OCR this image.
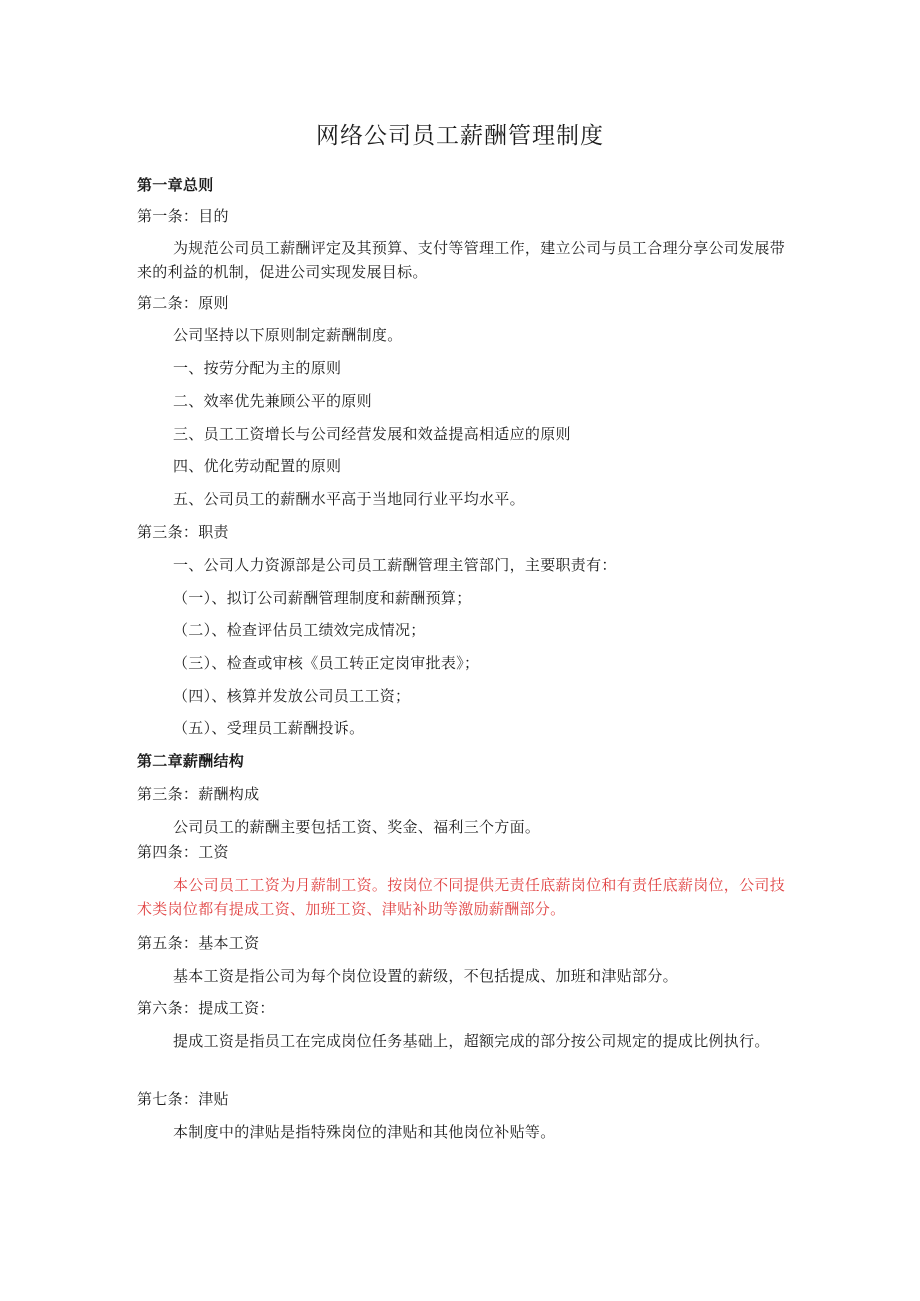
网络公司员工薪酬管理制度
第一章总则
第一条：目的
为规范公司员工薪酬评定及其预算、支付等管理工作，建立公司与员工合理分享公司发展带来的利益的机制，促进公司实现发展目标。
第二条：原则
公司坚持以下原则制定薪酬制度。
一、按劳分配为主的原则
二、效率优先兼顾公平的原则
三、员工工资增长与公司经营发展和效益提高相适应的原则
四、优化劳动配置的原则
五、公司员工的薪酬水平高于当地同行业平均水平。
第三条：职责
一、公司人力资源部是公司员工薪酬管理主管部门，主要职责有：
（一）、拟订公司薪酬管理制度和薪酬预算；
（二）、检查评估员工绩效完成情况；
（三）、检查或审核《员工转正定岗审批表》；
（四）、核算并发放公司员工工资；
（五）、受理员工薪酬投诉。
第二章薪酬结构
第三条：薪酬构成
公司员工的薪酬主要包括工资、奖金、福利三个方面。
第四条：工资
本公司员工工资为月薪制工资。按岗位不同提供无责任底薪岗位和有责任底薪岗位，公司技术类岗位都有提成工资、加班工资、津贴补助等激励薪酬部分。
第五条：基本工资
基本工资是指公司为每个岗位设置的薪级，不包括提成、加班和津贴部分。
第六条：提成工资：
提成工资是指员工在完成岗位任务基础上，超额完成的部分按公司规定的提成比例执行。
第七条：津贴
本制度中的津贴是指特殊岗位的津贴和其他岗位补贴等。
